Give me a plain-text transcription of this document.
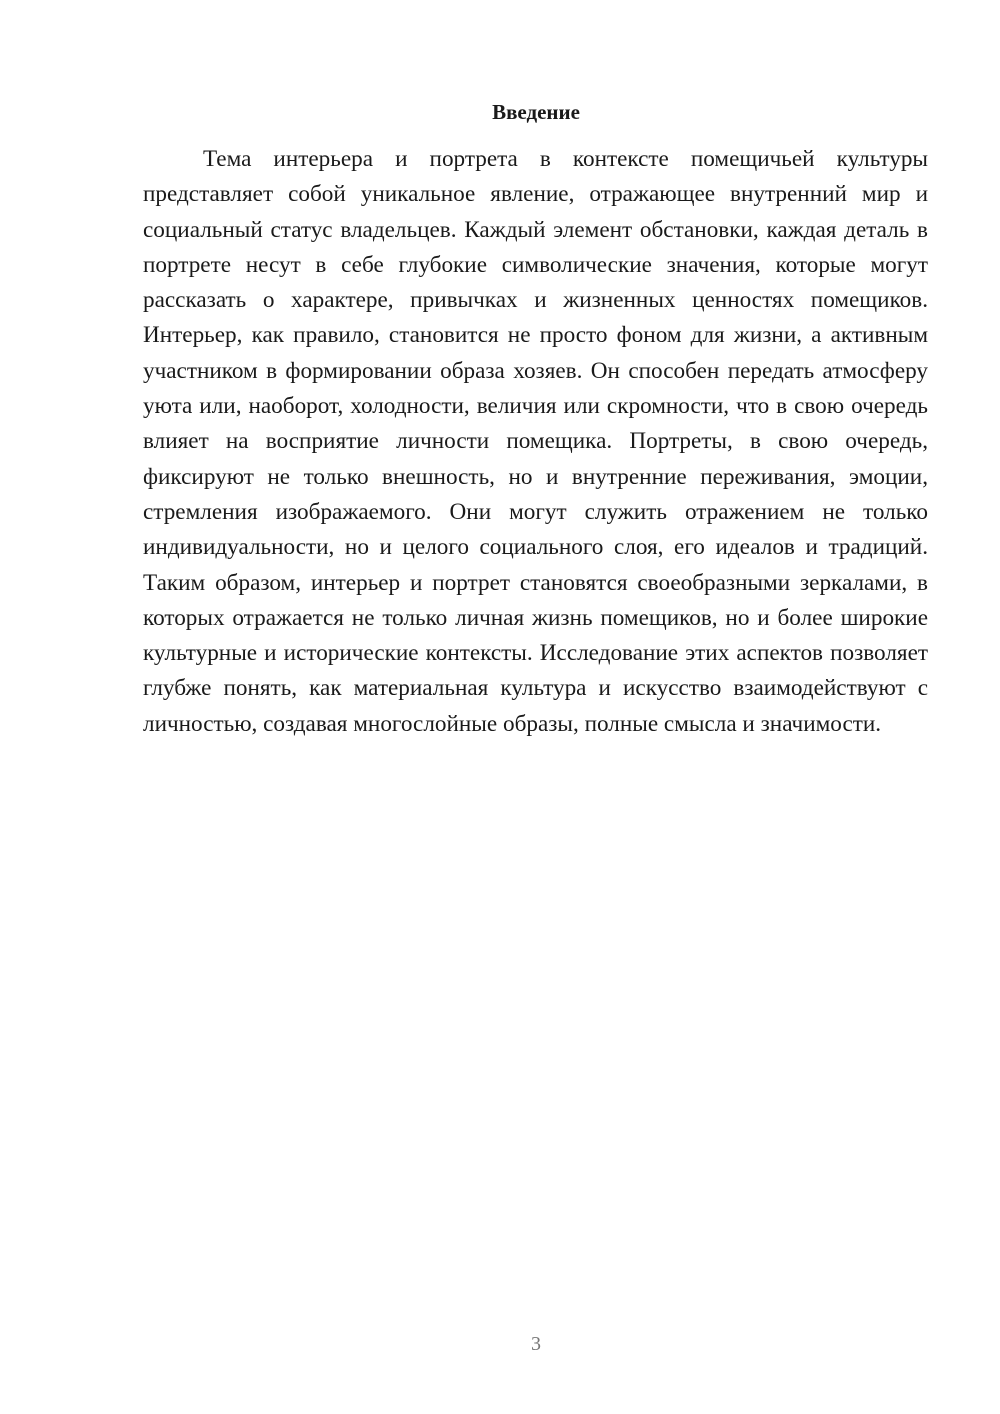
Введение

Тема интерьера и портрета в контексте помещичьей культуры представляет собой уникальное явление, отражающее внутренний мир и социальный статус владельцев. Каждый элемент обстановки, каждая деталь в портрете несут в себе глубокие символические значения, которые могут рассказать о характере, привычках и жизненных ценностях помещиков. Интерьер, как правило, становится не просто фоном для жизни, а активным участником в формировании образа хозяев. Он способен передать атмосферу уюта или, наоборот, холодности, величия или скромности, что в свою очередь влияет на восприятие личности помещика. Портреты, в свою очередь, фиксируют не только внешность, но и внутренние переживания, эмоции, стремления изображаемого. Они могут служить отражением не только индивидуальности, но и целого социального слоя, его идеалов и традиций. Таким образом, интерьер и портрет становятся своеобразными зеркалами, в которых отражается не только личная жизнь помещиков, но и более широкие культурные и исторические контексты. Исследование этих аспектов позволяет глубже понять, как материальная культура и искусство взаимодействуют с личностью, создавая многослойные образы, полные смысла и значимости.

3
